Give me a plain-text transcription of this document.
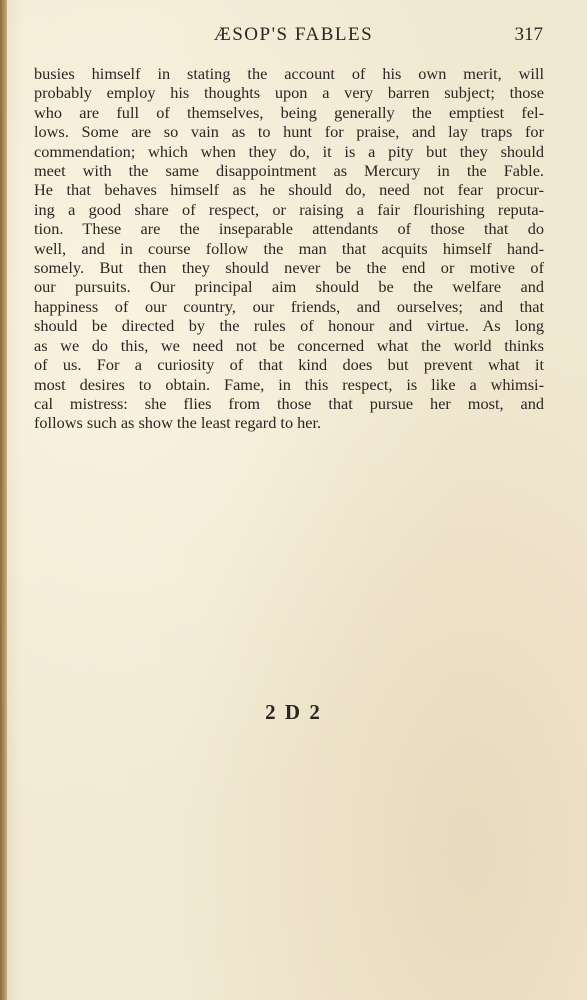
ÆSOP'S FABLES	317
busies himself in stating the account of his own merit, will
probably employ his thoughts upon a very barren subject; those
who are full of themselves, being generally the emptiest fel-
lows. Some are so vain as to hunt for praise, and lay traps for
commendation; which when they do, it is a pity but they should
meet with the same disappointment as Mercury in the Fable.
He that behaves himself as he should do, need not fear procur-
ing a good share of respect, or raising a fair flourishing reputa-
tion. These are the inseparable attendants of those that do
well, and in course follow the man that acquits himself hand-
somely. But then they should never be the end or motive of
our pursuits. Our principal aim should be the welfare and
happiness of our country, our friends, and ourselves; and that
should be directed by the rules of honour and virtue. As long
as we do this, we need not be concerned what the world thinks
of us. For a curiosity of that kind does but prevent what it
most desires to obtain. Fame, in this respect, is like a whimsi-
cal mistress: she flies from those that pursue her most, and
follows such as show the least regard to her.
2 D 2
